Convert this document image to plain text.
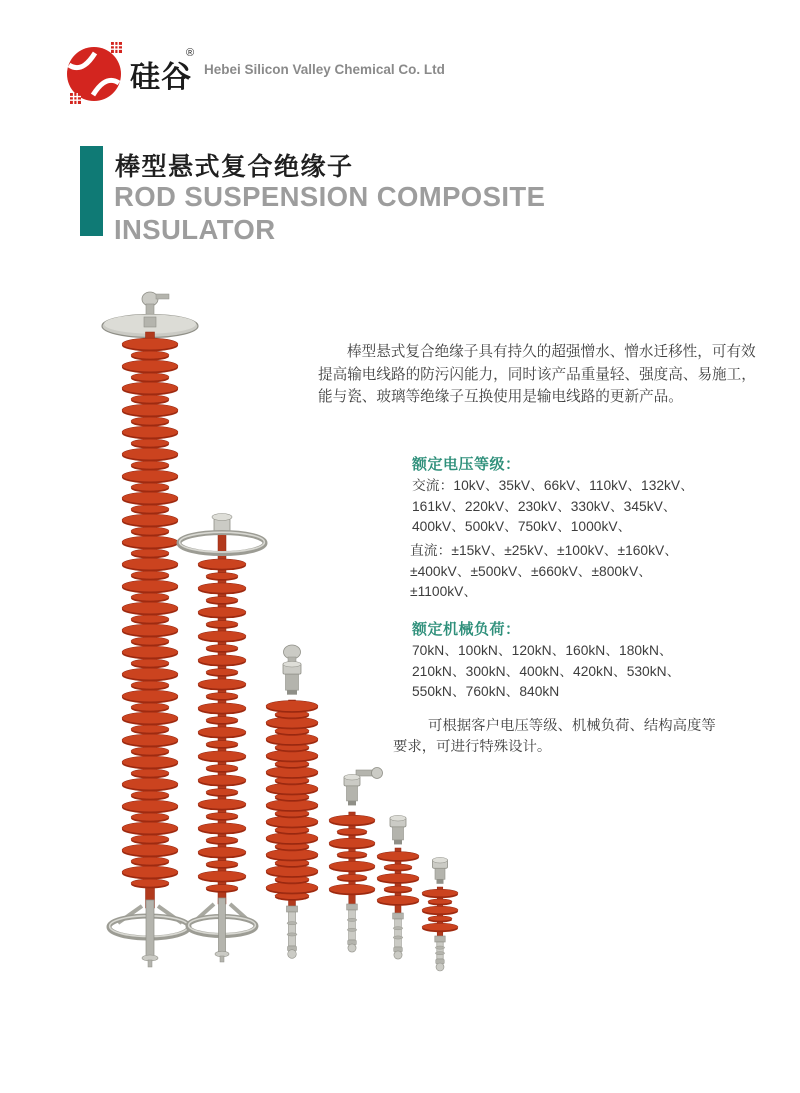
硅谷
®
Hebei Silicon Valley Chemical Co. Ltd
棒型悬式复合绝缘子
ROD SUSPENSION COMPOSITE
INSULATOR
棒型悬式复合绝缘子具有持久的超强憎水、憎水迁移性，可有效
提高输电线路的防污闪能力，同时该产品重量轻、强度高、易施工，
能与瓷、玻璃等绝缘子互换使用是输电线路的更新产品。
额定电压等级：
交流：10kV、35kV、66kV、110kV、132kV、
161kV、220kV、230kV、330kV、345kV、
400kV、500kV、750kV、1000kV、
直流：±15kV、±25kV、±100kV、±160kV、
±400kV、±500kV、±660kV、±800kV、
±1100kV、
额定机械负荷：
70kN、100kN、120kN、160kN、180kN、
210kN、300kN、400kN、420kN、530kN、
550kN、760kN、840kN
可根据客户电压等级、机械负荷、结构高度等
要求，可进行特殊设计。
